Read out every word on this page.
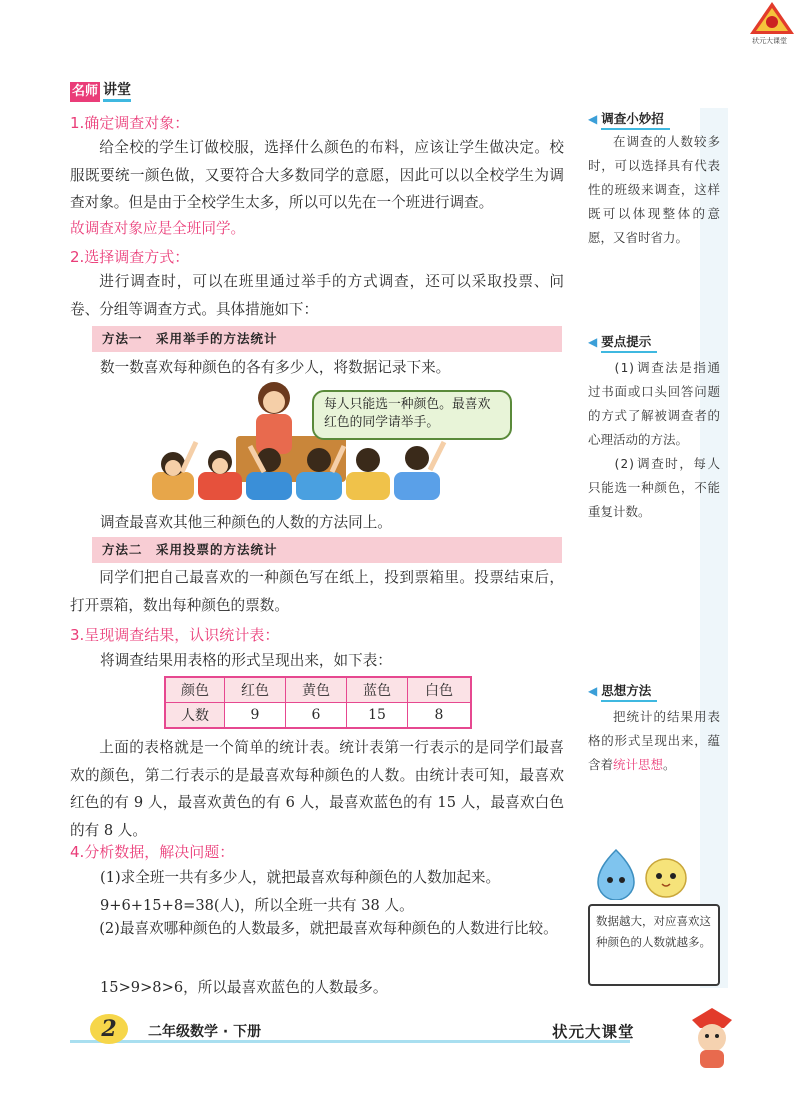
状元大课堂
名师 讲堂
1.确定调查对象：
给全校的学生订做校服，选择什么颜色的布料，应该让学生做决定。校服既要统一颜色做，又要符合大多数同学的意愿，因此可以以全校学生为调查对象。但是由于全校学生太多，所以可以先在一个班进行调查。
故调查对象应是全班同学。
2.选择调查方式：
进行调查时，可以在班里通过举手的方式调查，还可以采取投票、问卷、分组等调查方式。具体措施如下：
方法一　采用举手的方法统计
数一数喜欢每种颜色的各有多少人，将数据记录下来。
每人只能选一种颜色。最喜欢红色的同学请举手。
调查最喜欢其他三种颜色的人数的方法同上。
方法二　采用投票的方法统计
同学们把自己最喜欢的一种颜色写在纸上，投到票箱里。投票结束后，打开票箱，数出每种颜色的票数。
3.呈现调查结果，认识统计表：
将调查结果用表格的形式呈现出来，如下表：
颜色	红色	黄色	蓝色	白色
人数	9	6	15	8
上面的表格就是一个简单的统计表。统计表第一行表示的是同学们最喜欢的颜色，第二行表示的是最喜欢每种颜色的人数。由统计表可知，最喜欢红色的有 9 人，最喜欢黄色的有 6 人，最喜欢蓝色的有 15 人，最喜欢白色的有 8 人。
4.分析数据，解决问题：
(1)求全班一共有多少人，就把最喜欢每种颜色的人数加起来。
9+6+15+8=38(人)，所以全班一共有 38 人。
(2)最喜欢哪种颜色的人数最多，就把最喜欢每种颜色的人数进行比较。
15>9>8>6，所以最喜欢蓝色的人数最多。
◀ 调查小妙招
在调查的人数较多时，可以选择具有代表性的班级来调查，这样既可以体现整体的意愿，又省时省力。
◀ 要点提示
(1)调查法是指通过书面或口头回答问题的方式了解被调查者的心理活动的方法。
(2)调查时，每人只能选一种颜色，不能重复计数。
◀ 思想方法
把统计的结果用表格的形式呈现出来，蕴含着统计思想。
数据越大，对应喜欢这种颜色的人数就越多。
2	二年级数学 · 下册	状元大课堂
